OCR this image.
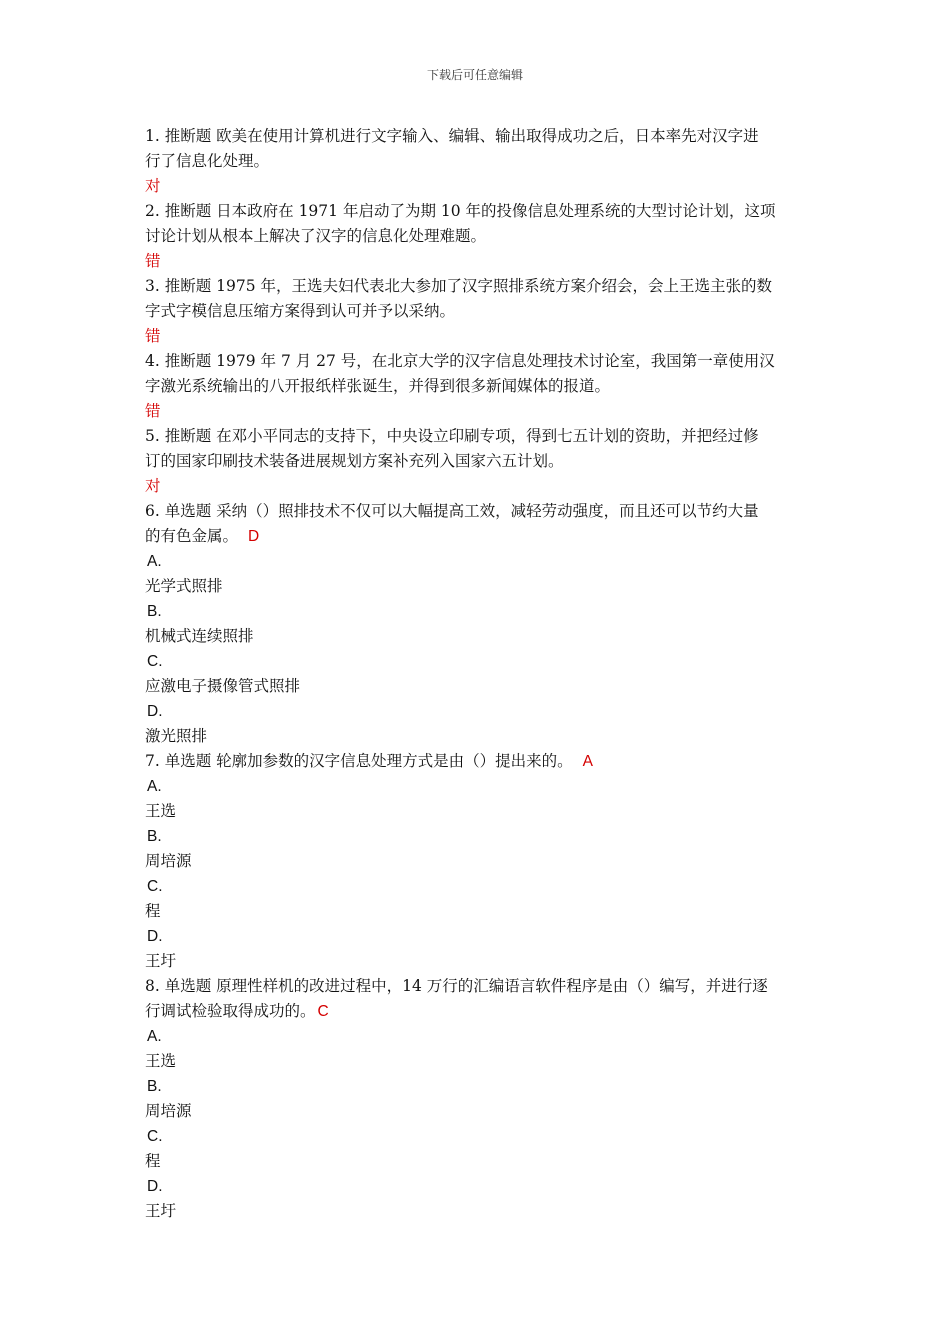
下载后可任意编辑
1. 推断题 欧美在使用计算机进行文字输入、编辑、输出取得成功之后，日本率先对汉字进
行了信息化处理。
对
2. 推断题 日本政府在 1971 年启动了为期 10 年的投像信息处理系统的大型讨论计划，这项
讨论计划从根本上解决了汉字的信息化处理难题。
错
3. 推断题 1975 年，王选夫妇代表北大参加了汉字照排系统方案介绍会，会上王选主张的数
字式字模信息压缩方案得到认可并予以采纳。
错
4. 推断题 1979 年 7 月 27 号，在北京大学的汉字信息处理技术讨论室，我国第一章使用汉
字激光系统输出的八开报纸样张诞生，并得到很多新闻媒体的报道。
错
5. 推断题 在邓小平同志的支持下，中央设立印刷专项，得到七五计划的资助，并把经过修
订的国家印刷技术装备进展规划方案补充列入国家六五计划。
对
6. 单选题 采纳（）照排技术不仅可以大幅提高工效，减轻劳动强度，而且还可以节约大量
的有色金属。 D
A.
光学式照排
B.
机械式连续照排
C.
应激电子摄像管式照排
D.
激光照排
7. 单选题 轮廓加参数的汉字信息处理方式是由（）提出来的。 A
A.
王选
B.
周培源
C.
程
D.
王圩
8. 单选题 原理性样机的改进过程中，14 万行的汇编语言软件程序是由（）编写，并进行逐
行调试检验取得成功的。 C
A.
王选
B.
周培源
C.
程
D.
王圩
